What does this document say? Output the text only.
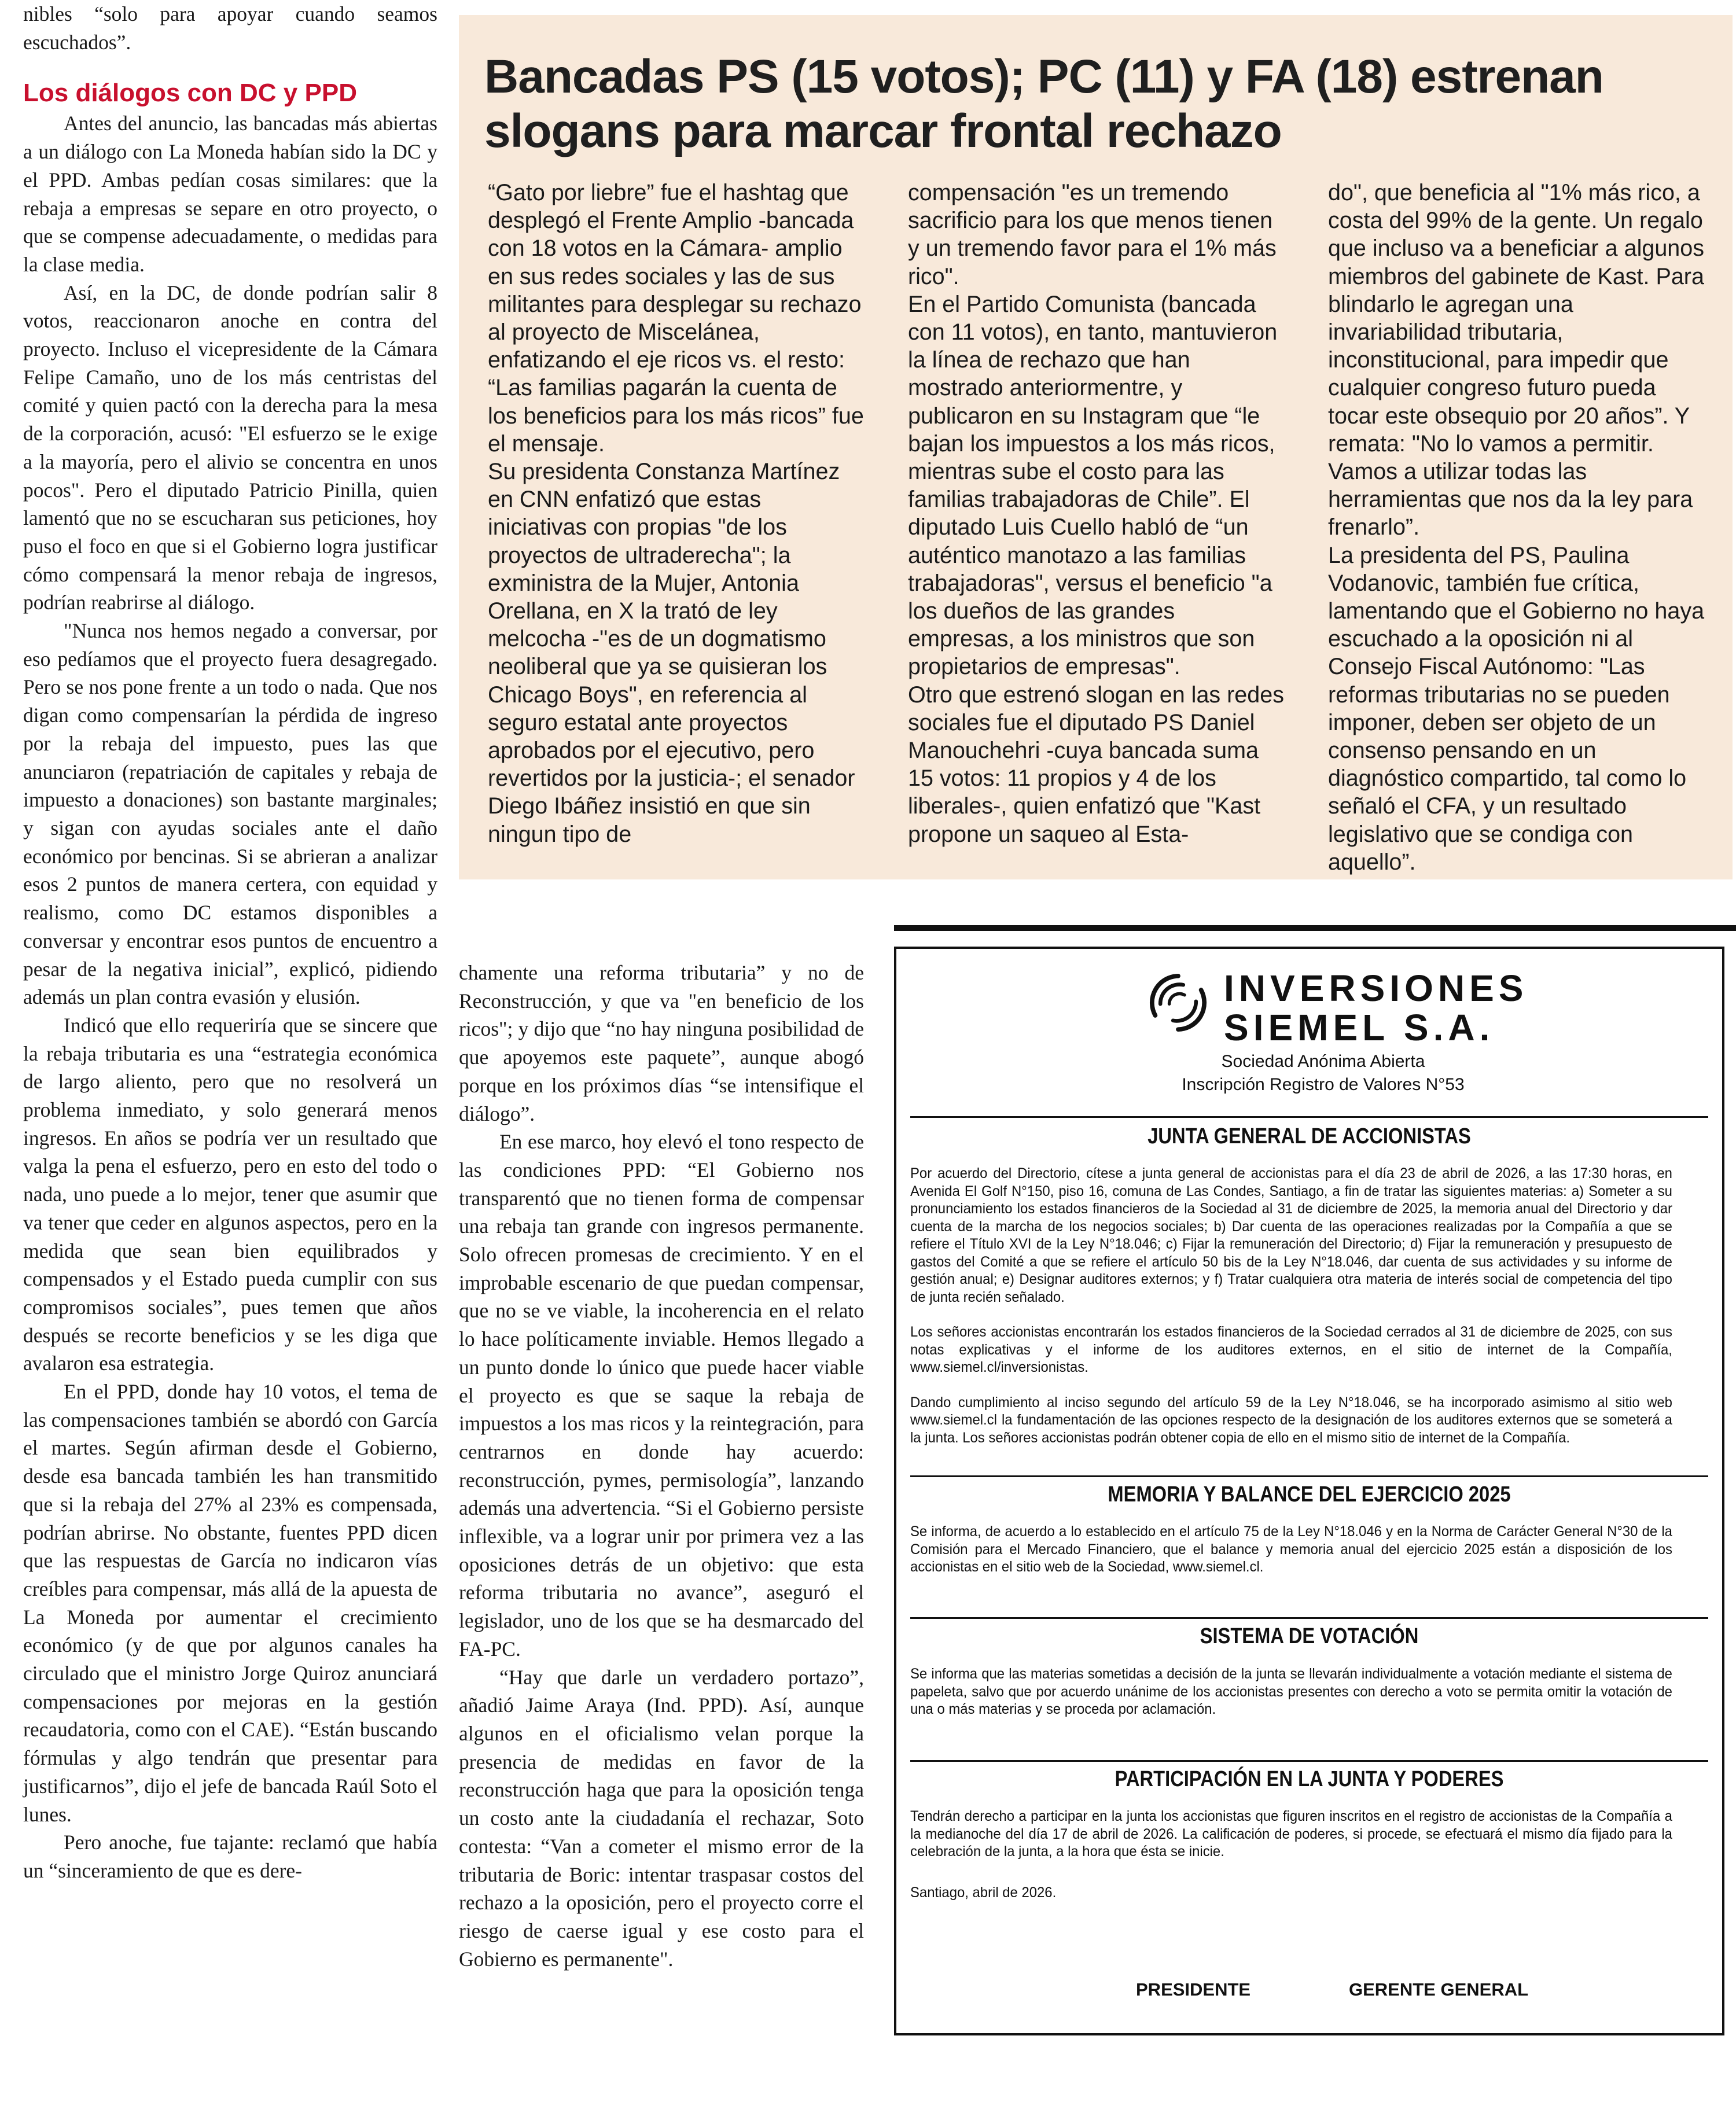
nibles “solo para apoyar cuando seamos escuchados”.

Los diálogos con DC y PPD

Antes del anuncio, las bancadas más abiertas a un diálogo con La Moneda habían sido la DC y el PPD. Ambas pedían cosas similares: que la rebaja a empresas se separe en otro proyecto, o que se compense adecuadamente, o medidas para la clase media.

Así, en la DC, de donde podrían salir 8 votos, reaccionaron anoche en contra del proyecto. Incluso el vicepresidente de la Cámara Felipe Camaño, uno de los más centristas del comité y quien pactó con la derecha para la mesa de la corporación, acusó: "El esfuerzo se le exige a la mayoría, pero el alivio se concentra en unos pocos". Pero el diputado Patricio Pinilla, quien lamentó que no se escucharan sus peticiones, hoy puso el foco en que si el Gobierno logra justificar cómo compensará la menor rebaja de ingresos, podrían reabrirse al diálogo.

"Nunca nos hemos negado a conversar, por eso pedíamos que el proyecto fuera desagregado. Pero se nos pone frente a un todo o nada. Que nos digan como compensarían la pérdida de ingreso por la rebaja del impuesto, pues las que anunciaron (repatriación de capitales y rebaja de impuesto a donaciones) son bastante marginales; y sigan con ayudas sociales ante el daño económico por bencinas. Si se abrieran a analizar esos 2 puntos de manera certera, con equidad y realismo, como DC estamos disponibles a conversar y encontrar esos puntos de encuentro a pesar de la negativa inicial”, explicó, pidiendo además un plan contra evasión y elusión.

Indicó que ello requeriría que se sincere que la rebaja tributaria es una “estrategia económica de largo aliento, pero que no resolverá un problema inmediato, y solo generará menos ingresos. En años se podría ver un resultado que valga la pena el esfuerzo, pero en esto del todo o nada, uno puede a lo mejor, tener que asumir que va tener que ceder en algunos aspectos, pero en la medida que sean bien equilibrados y compensados y el Estado pueda cumplir con sus compromisos sociales”, pues temen que años después se recorte beneficios y se les diga que avalaron esa estrategia.

En el PPD, donde hay 10 votos, el tema de las compensaciones también se abordó con García el martes. Según afirman desde el Gobierno, desde esa bancada también les han transmitido que si la rebaja del 27% al 23% es compensada, podrían abrirse. No obstante, fuentes PPD dicen que las respuestas de García no indicaron vías creíbles para compensar, más allá de la apuesta de La Moneda por aumentar el crecimiento económico (y de que por algunos canales ha circulado que el ministro Jorge Quiroz anunciará compensaciones por mejoras en la gestión recaudatoria, como con el CAE). “Están buscando fórmulas y algo tendrán que presentar para justificarnos”, dijo el jefe de bancada Raúl Soto el lunes.

Pero anoche, fue tajante: reclamó que había un “sinceramiento de que es dere-

chamente una reforma tributaria” y no de Reconstrucción, y que va "en beneficio de los ricos"; y dijo que “no hay ninguna posibilidad de que apoyemos este paquete”, aunque abogó porque en los próximos días “se intensifique el diálogo”.

En ese marco, hoy elevó el tono respecto de las condiciones PPD: “El Gobierno nos transparentó que no tienen forma de compensar una rebaja tan grande con ingresos permanente. Solo ofrecen promesas de crecimiento. Y en el improbable escenario de que puedan compensar, que no se ve viable, la incoherencia en el relato lo hace políticamente inviable. Hemos llegado a un punto donde lo único que puede hacer viable el proyecto es que se saque la rebaja de impuestos a los mas ricos y la reintegración, para centrarnos en donde hay acuerdo: reconstrucción, pymes, permisología”, lanzando además una advertencia. “Si el Gobierno persiste inflexible, va a lograr unir por primera vez a las oposiciones detrás de un objetivo: que esta reforma tributaria no avance”, aseguró el legislador, uno de los que se ha desmarcado del FA-PC.

“Hay que darle un verdadero portazo”, añadió Jaime Araya (Ind. PPD). Así, aunque algunos en el oficialismo velan porque la presencia de medidas en favor de la reconstrucción haga que para la oposición tenga un costo ante la ciudadanía el rechazar, Soto contesta: “Van a cometer el mismo error de la tributaria de Boric: intentar traspasar costos del rechazo a la oposición, pero el proyecto corre el riesgo de caerse igual y ese costo para el Gobierno es permanente".

Bancadas PS (15 votos); PC (11) y FA (18) estrenan slogans para marcar frontal rechazo

“Gato por liebre” fue el hashtag que desplegó el Frente Amplio -bancada con 18 votos en la Cámara- amplio en sus redes sociales y las de sus militantes para desplegar su rechazo al proyecto de Miscelánea, enfatizando el eje ricos vs. el resto: “Las familias pagarán la cuenta de los beneficios para los más ricos” fue el mensaje.

Su presidenta Constanza Martínez en CNN enfatizó que estas iniciativas con propias "de los proyectos de ultraderecha"; la exministra de la Mujer, Antonia Orellana, en X la trató de ley melcocha -"es de un dogmatismo neoliberal que ya se quisieran los Chicago Boys", en referencia al seguro estatal ante proyectos aprobados por el ejecutivo, pero revertidos por la justicia-; el senador Diego Ibáñez insistió en que sin ningun tipo de

compensación "es un tremendo sacrificio para los que menos tienen y un tremendo favor para el 1% más rico".

En el Partido Comunista (bancada con 11 votos), en tanto, mantuvieron la línea de rechazo que han mostrado anteriormentre, y publicaron en su Instagram que “le bajan los impuestos a los más ricos, mientras sube el costo para las familias trabajadoras de Chile”. El diputado Luis Cuello habló de “un auténtico manotazo a las familias trabajadoras", versus el beneficio "a los dueños de las grandes empresas, a los ministros que son propietarios de empresas".

Otro que estrenó slogan en las redes sociales fue el diputado PS Daniel Manouchehri -cuya bancada suma 15 votos: 11 propios y 4 de los liberales-, quien enfatizó que "Kast propone un saqueo al Esta-

do", que beneficia al "1% más rico, a costa del 99% de la gente. Un regalo que incluso va a beneficiar a algunos miembros del gabinete de Kast. Para blindarlo le agregan una invariabilidad tributaria, inconstitucional, para impedir que cualquier congreso futuro pueda tocar este obsequio por 20 años”. Y remata: "No lo vamos a permitir. Vamos a utilizar todas las herramientas que nos da la ley para frenarlo”.

La presidenta del PS, Paulina Vodanovic, también fue crítica, lamentando que el Gobierno no haya escuchado a la oposición ni al Consejo Fiscal Autónomo: "Las reformas tributarias no se pueden imponer, deben ser objeto de un consenso pensando en un diagnóstico compartido, tal como lo señaló el CFA, y un resultado legislativo que se condiga con aquello”.

INVERSIONES
SIEMEL S.A.
Sociedad Anónima Abierta
Inscripción Registro de Valores N°53
JUNTA GENERAL DE ACCIONISTAS

Por acuerdo del Directorio, cítese a junta general de accionistas para el día 23 de abril de 2026, a las 17:30 horas, en Avenida El Golf N°150, piso 16, comuna de Las Condes, Santiago, a fin de tratar las siguientes materias: a) Someter a su pronunciamiento los estados financieros de la Sociedad al 31 de diciembre de 2025, la memoria anual del Directorio y dar cuenta de la marcha de los negocios sociales; b) Dar cuenta de las operaciones realizadas por la Compañía a que se refiere el Título XVI de la Ley N°18.046; c) Fijar la remuneración del Directorio; d) Fijar la remuneración y presupuesto de gastos del Comité a que se refiere el artículo 50 bis de la Ley N°18.046, dar cuenta de sus actividades y su informe de gestión anual; e) Designar auditores externos; y f) Tratar cualquiera otra materia de interés social de competencia del tipo de junta recién señalado.

Los señores accionistas encontrarán los estados financieros de la Sociedad cerrados al 31 de diciembre de 2025, con sus notas explicativas y el informe de los auditores externos, en el sitio de internet de la Compañía, www.siemel.cl/inversionistas.

Dando cumplimiento al inciso segundo del artículo 59 de la Ley N°18.046, se ha incorporado asimismo al sitio web www.siemel.cl la fundamentación de las opciones respecto de la designación de los auditores externos que se someterá a la junta. Los señores accionistas podrán obtener copia de ello en el mismo sitio de internet de la Compañía.

MEMORIA Y BALANCE DEL EJERCICIO 2025

Se informa, de acuerdo a lo establecido en el artículo 75 de la Ley N°18.046 y en la Norma de Carácter General N°30 de la Comisión para el Mercado Financiero, que el balance y memoria anual del ejercicio 2025 están a disposición de los accionistas en el sitio web de la Sociedad, www.siemel.cl.

SISTEMA DE VOTACIÓN

Se informa que las materias sometidas a decisión de la junta se llevarán individualmente a votación mediante el sistema de papeleta, salvo que por acuerdo unánime de los accionistas presentes con derecho a voto se permita omitir la votación de una o más materias y se proceda por aclamación.

PARTICIPACIÓN EN LA JUNTA Y PODERES

Tendrán derecho a participar en la junta los accionistas que figuren inscritos en el registro de accionistas de la Compañía a la medianoche del día 17 de abril de 2026. La calificación de poderes, si procede, se efectuará el mismo día fijado para la celebración de la junta, a la hora que ésta se inicie.

Santiago, abril de 2026.

PRESIDENTE	GERENTE GENERAL
